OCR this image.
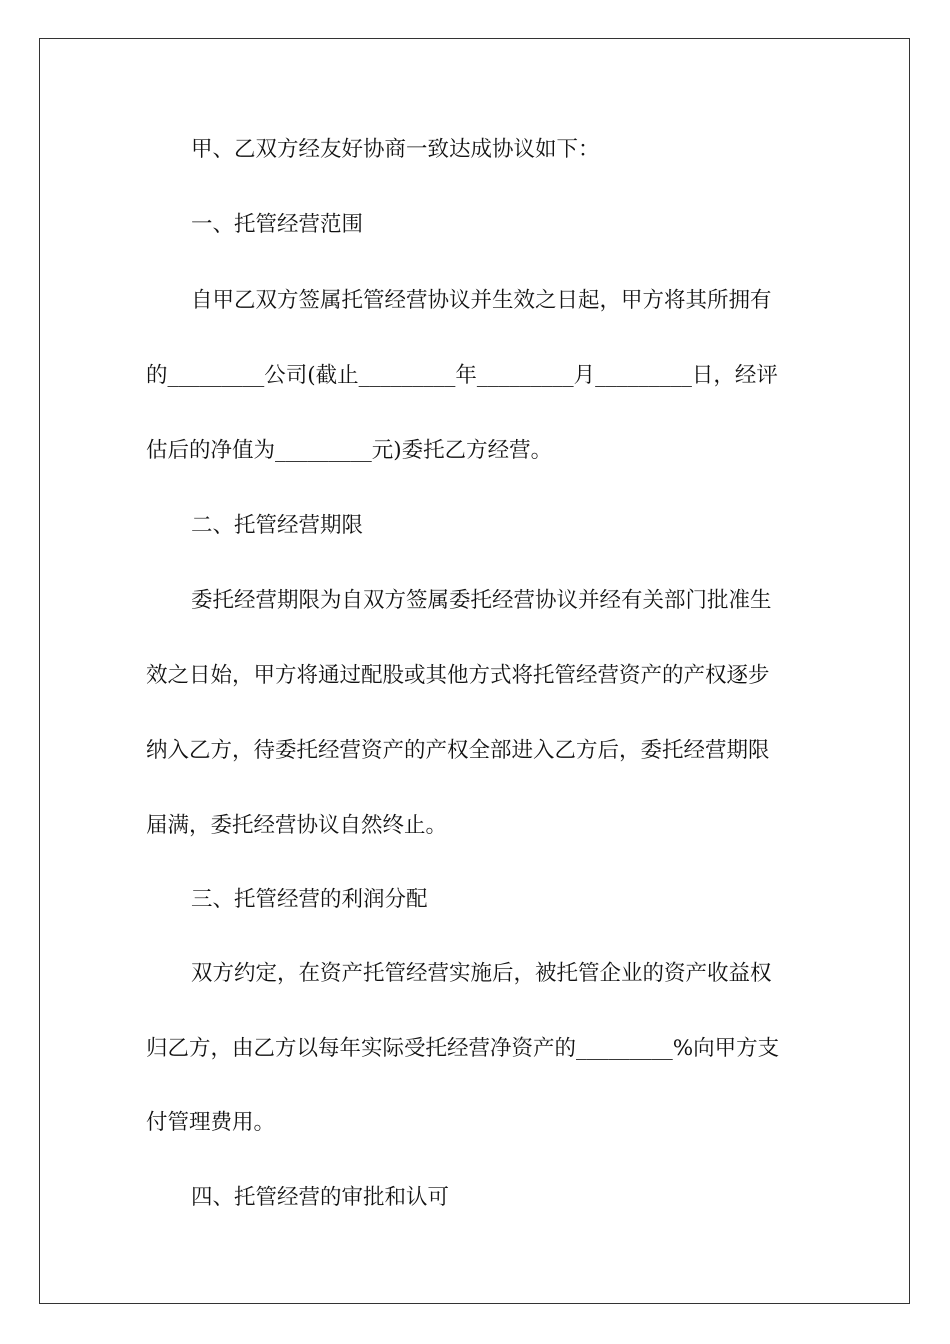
甲、乙双方经友好协商一致达成协议如下：
一、托管经营范围
自甲乙双方签属托管经营协议并生效之日起，甲方将其所拥有
的_________公司(截止_________年_________月_________日，经评
估后的净值为_________元)委托乙方经营。
二、托管经营期限
委托经营期限为自双方签属委托经营协议并经有关部门批准生
效之日始，甲方将通过配股或其他方式将托管经营资产的产权逐步
纳入乙方，待委托经营资产的产权全部进入乙方后，委托经营期限
届满，委托经营协议自然终止。
三、托管经营的利润分配
双方约定，在资产托管经营实施后，被托管企业的资产收益权
归乙方，由乙方以每年实际受托经营净资产的_________%向甲方支
付管理费用。
四、托管经营的审批和认可
